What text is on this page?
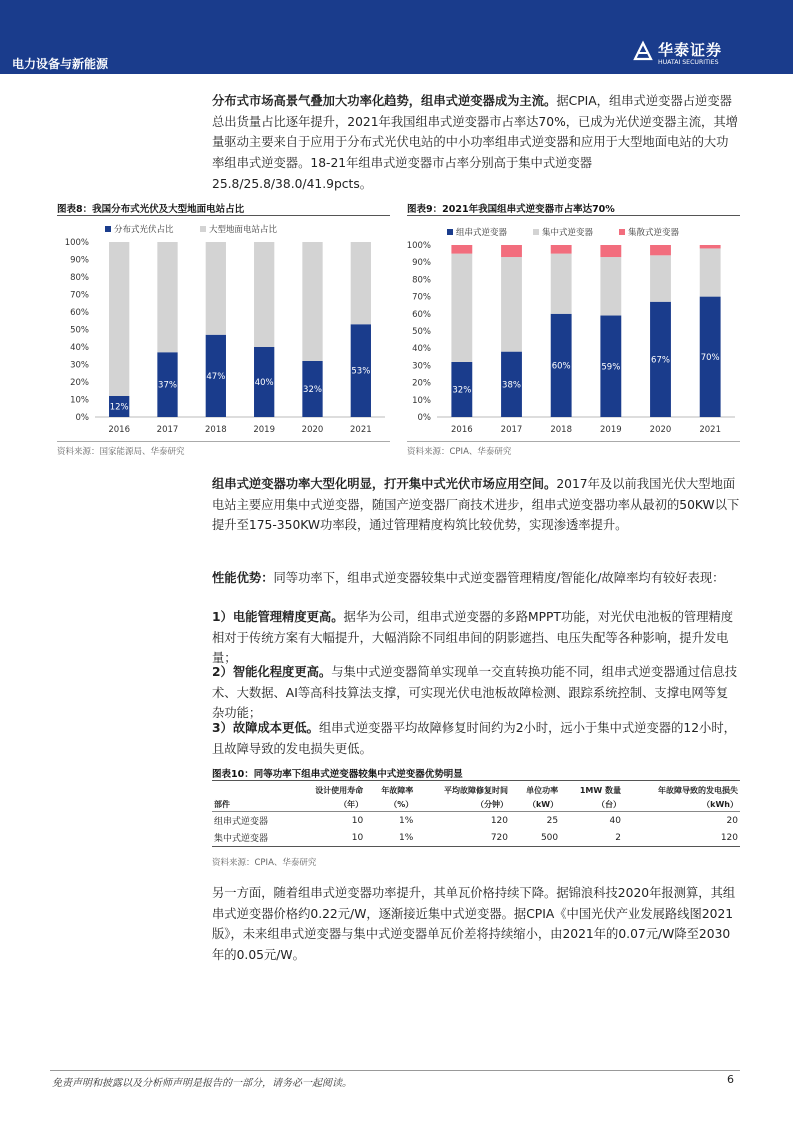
电力设备与新能源
华泰证券
HUATAI SECURITIES
分布式市场高景气叠加大功率化趋势，组串式逆变器成为主流。据CPIA，组串式逆变器占逆变器总出货量占比逐年提升，2021年我国组串式逆变器市占率达70%，已成为光伏逆变器主流，其增量驱动主要来自于应用于分布式光伏电站的中小功率组串式逆变器和应用于大型地面电站的大功率组串式逆变器。18-21年组串式逆变器市占率分别高于集中式逆变器25.8/25.8/38.0/41.9pcts。
图表8：我国分布式光伏及大型地面电站占比
0%
10%
20%
30%
40%
50%
60%
70%
80%
90%
100%
分布式光伏占比	大型地面电站占比
12%
2016
37%
2017
47%
2018
40%
2019
32%
2020
53%
2021
资料来源：国家能源局、华泰研究
图表9：2021年我国组串式逆变器市占率达70%
0%
10%
20%
30%
40%
50%
60%
70%
80%
90%
100%
组串式逆变器	集中式逆变器	集散式逆变器
32%
2016
38%
2017
60%
2018
59%
2019
67%
2020
70%
2021
资料来源：CPIA、华泰研究
组串式逆变器功率大型化明显，打开集中式光伏市场应用空间。2017年及以前我国光伏大型地面电站主要应用集中式逆变器，随国产逆变器厂商技术进步，组串式逆变器功率从最初的50KW以下提升至175-350KW功率段，通过管理精度构筑比较优势，实现渗透率提升。
性能优势：同等功率下，组串式逆变器较集中式逆变器管理精度/智能化/故障率均有较好表现：
1）电能管理精度更高。据华为公司，组串式逆变器的多路MPPT功能，对光伏电池板的管理精度相对于传统方案有大幅提升，大幅消除不同组串间的阴影遮挡、电压失配等各种影响，提升发电量；
2）智能化程度更高。与集中式逆变器简单实现单一交直转换功能不同，组串式逆变器通过信息技术、大数据、AI等高科技算法支撑，可实现光伏电池板故障检测、跟踪系统控制、支撑电网等复杂功能；
3）故障成本更低。组串式逆变器平均故障修复时间约为2小时，远小于集中式逆变器的12小时，且故障导致的发电损失更低。
图表10：同等功率下组串式逆变器较集中式逆变器优势明显
	设计使用寿命	年故障率	平均故障修复时间	单位功率	1MW 数量	年故障导致的发电损失
部件	（年）	（%）	（分钟）	（kW）	（台）	（kWh）
组串式逆变器	10	1%	120	25	40	20
集中式逆变器	10	1%	720	500	2	120
资料来源：CPIA、华泰研究
另一方面，随着组串式逆变器功率提升，其单瓦价格持续下降。据锦浪科技2020年报测算，其组串式逆变器价格约0.22元/W，逐渐接近集中式逆变器。据CPIA《中国光伏产业发展路线图2021版》，未来组串式逆变器与集中式逆变器单瓦价差将持续缩小，由2021年的0.07元/W降至2030年的0.05元/W。
免责声明和披露以及分析师声明是报告的一部分，请务必一起阅读。	6
